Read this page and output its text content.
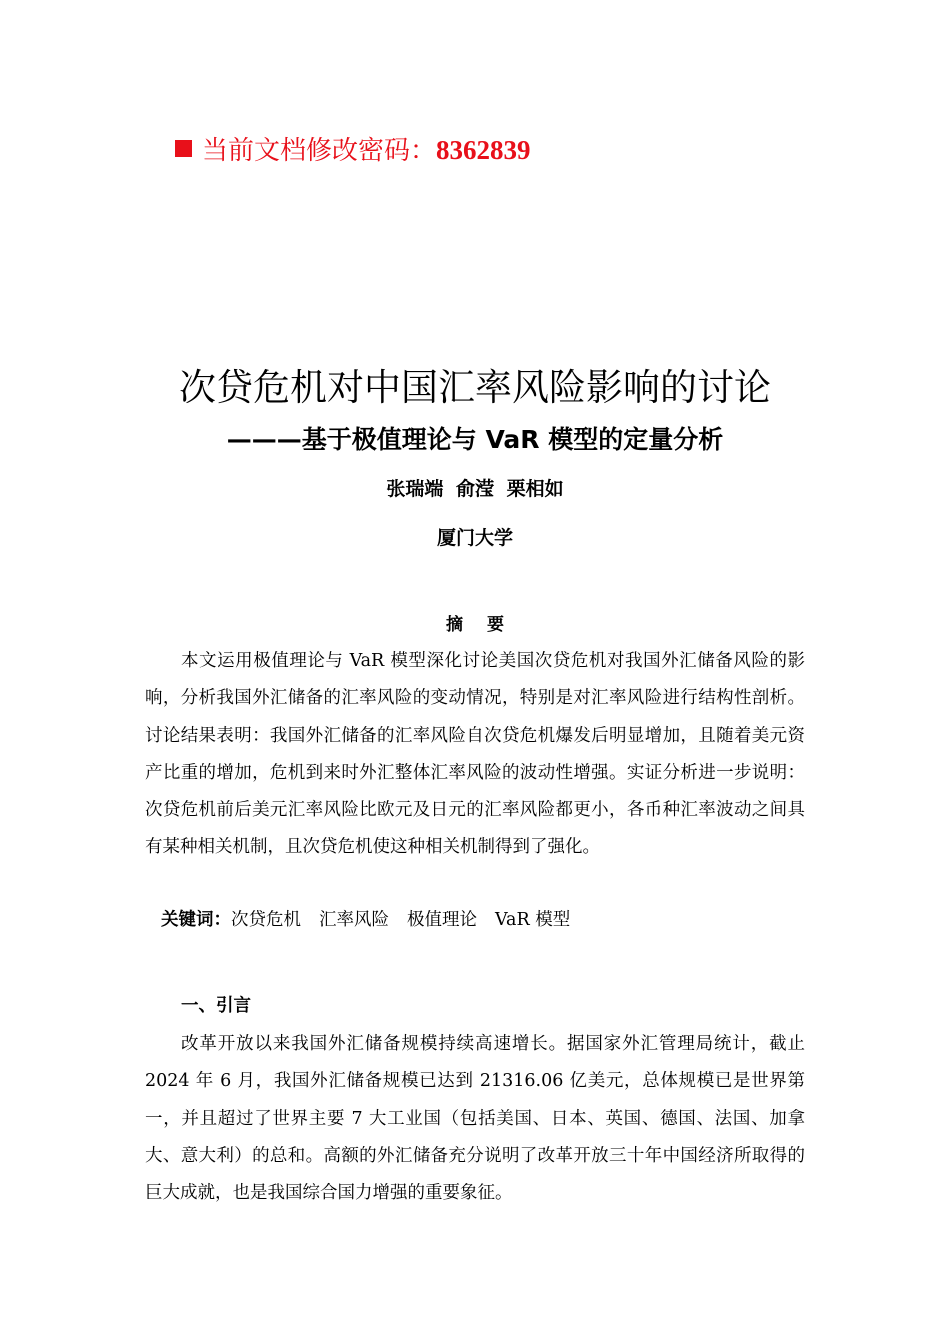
当前文档修改密码：8362839
次贷危机对中国汇率风险影响的讨论
———基于极值理论与 VaR 模型的定量分析
张瑞端 俞滢 栗相如
厦门大学
摘要

本文运用极值理论与 VaR 模型深化讨论美国次贷危机对我国外汇储备风险的影响，分析我国外汇储备的汇率风险的变动情况，特别是对汇率风险进行结构性剖析。讨论结果表明：我国外汇储备的汇率风险自次贷危机爆发后明显增加，且随着美元资产比重的增加，危机到来时外汇整体汇率风险的波动性增强。实证分析进一步说明：次贷危机前后美元汇率风险比欧元及日元的汇率风险都更小，各币种汇率波动之间具有某种相关机制，且次贷危机使这种相关机制得到了强化。

关键词：次贷危机 汇率风险 极值理论 VaR 模型
一、引言

改革开放以来我国外汇储备规模持续高速增长。据国家外汇管理局统计，截止 2024 年 6 月，我国外汇储备规模已达到 21316.06 亿美元，总体规模已是世界第一，并且超过了世界主要 7 大工业国（包括美国、日本、英国、德国、法国、加拿大、意大利）的总和。高额的外汇储备充分说明了改革开放三十年中国经济所取得的巨大成就，也是我国综合国力增强的重要象征。
